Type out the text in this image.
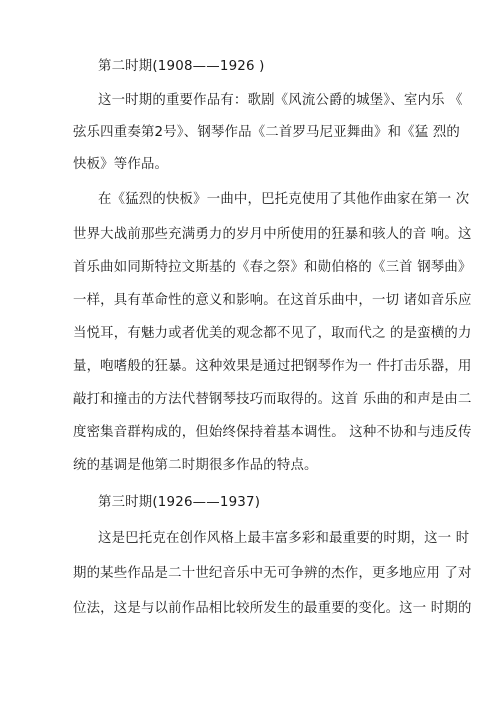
第二时期(1908——1926 )
这一时期的重要作品有：歌剧《风流公爵的城堡》、室内乐 《
弦乐四重奏第2号》、钢琴作品《二首罗马尼亚舞曲》和《猛 烈的
快板》等作品。
在《猛烈的快板》一曲中，巴托克使用了其他作曲家在第一 次
世界大战前那些充满勇力的岁月中所使用的狂暴和骇人的音 响。这
首乐曲如同斯特拉文斯基的《春之祭》和勋伯格的《三首 钢琴曲》
一样，具有革命性的意义和影响。在这首乐曲中，一切 诸如音乐应
当悦耳，有魅力或者优美的观念都不见了，取而代之 的是蛮横的力
量，咆嗜般的狂暴。这种效果是通过把钢琴作为一 件打击乐器，用
敲打和撞击的方法代替钢琴技巧而取得的。这首 乐曲的和声是由二
度密集音群构成的，但始终保持着基本调性。 这种不协和与违反传
统的基调是他第二时期很多作品的特点。
第三时期(1926——1937)
这是巴托克在创作风格上最丰富多彩和最重要的时期，这一 时
期的某些作品是二十世纪音乐中无可争辨的杰作，更多地应用 了对
位法，这是与以前作品相比较所发生的最重要的变化。这一 时期的
